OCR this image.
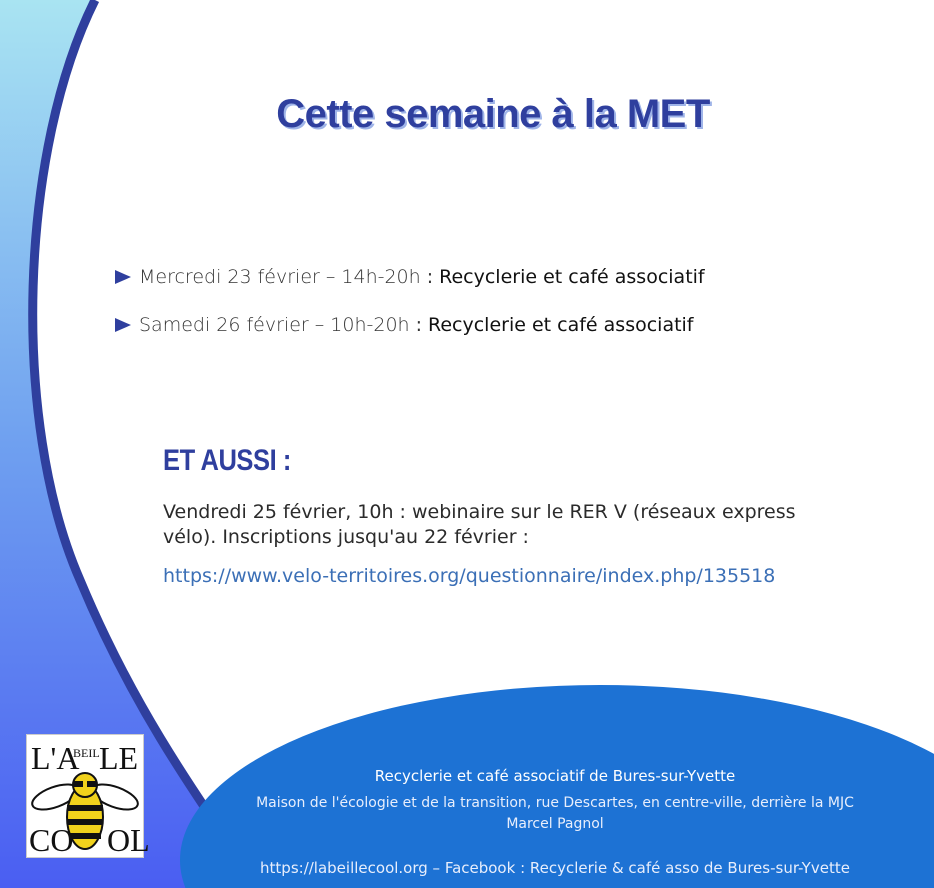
Cette semaine à la MET
Mercredi 23 février – 14h-20h : Recyclerie et café associatif
Samedi 26 février – 10h-20h : Recyclerie et café associatif
ET AUSSI :
Vendredi 25 février, 10h : webinaire sur le RER V (réseaux express vélo). Inscriptions jusqu'au 22 février :
https://www.velo-territoires.org/questionnaire/index.php/135518
L'A
BEIL LE
CO OL
Recyclerie et café associatif de Bures-sur-Yvette
Maison de l'écologie et de la transition, rue Descartes, en centre-ville, derrière la MJC Marcel Pagnol
https://labeillecool.org – Facebook : Recyclerie & café asso de Bures-sur-Yvette
